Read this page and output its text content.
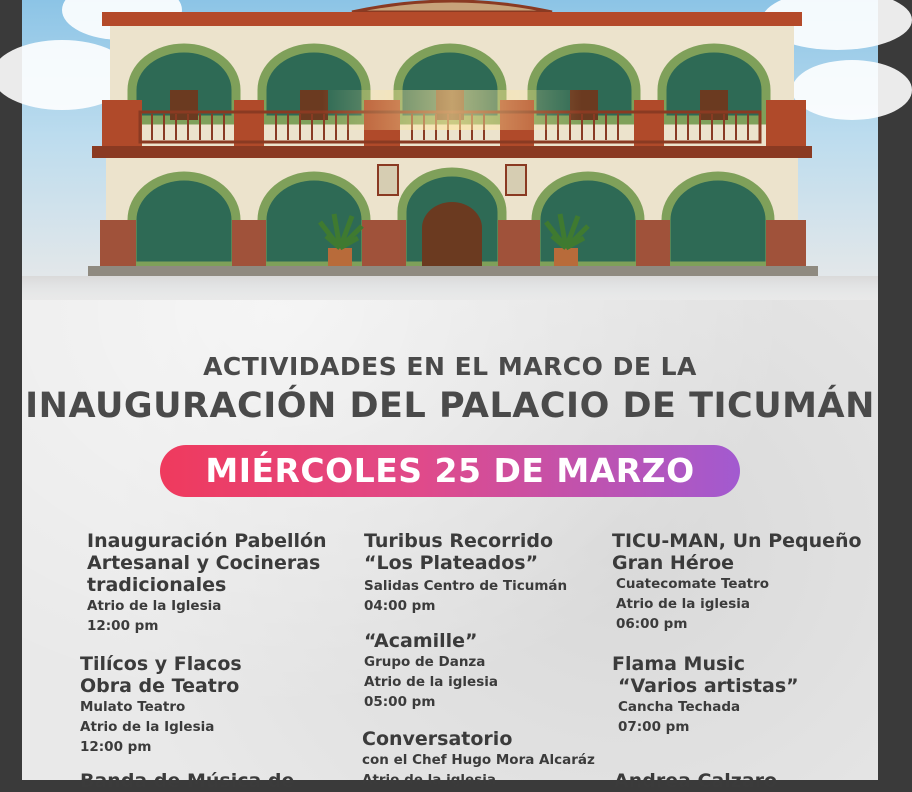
ACTIVIDADES EN EL MARCO DE LA
INAUGURACIÓN DEL PALACIO DE TICUMÁN
MIÉRCOLES 25 DE MARZO
Inauguración Pabellón
Artesanal y Cocineras
tradicionales
Atrio de la Iglesia
12:00 pm
Tilícos y Flacos
Obra de Teatro
Mulato Teatro
Atrio de la Iglesia
12:00 pm
Banda de Música de
Turibus Recorrido
“Los Plateados”
Salidas Centro de Ticumán
04:00 pm
“Acamille”
Grupo de Danza
Atrio de la iglesia
05:00 pm
Conversatorio
con el Chef Hugo Mora Alcaráz
Atrio de la iglesia
TICU-MAN, Un Pequeño
Gran Héroe
Cuatecomate Teatro
Atrio de la iglesia
06:00 pm
Flama Music
“Varios artistas”
Cancha Techada
07:00 pm
Andrea Calzaro
